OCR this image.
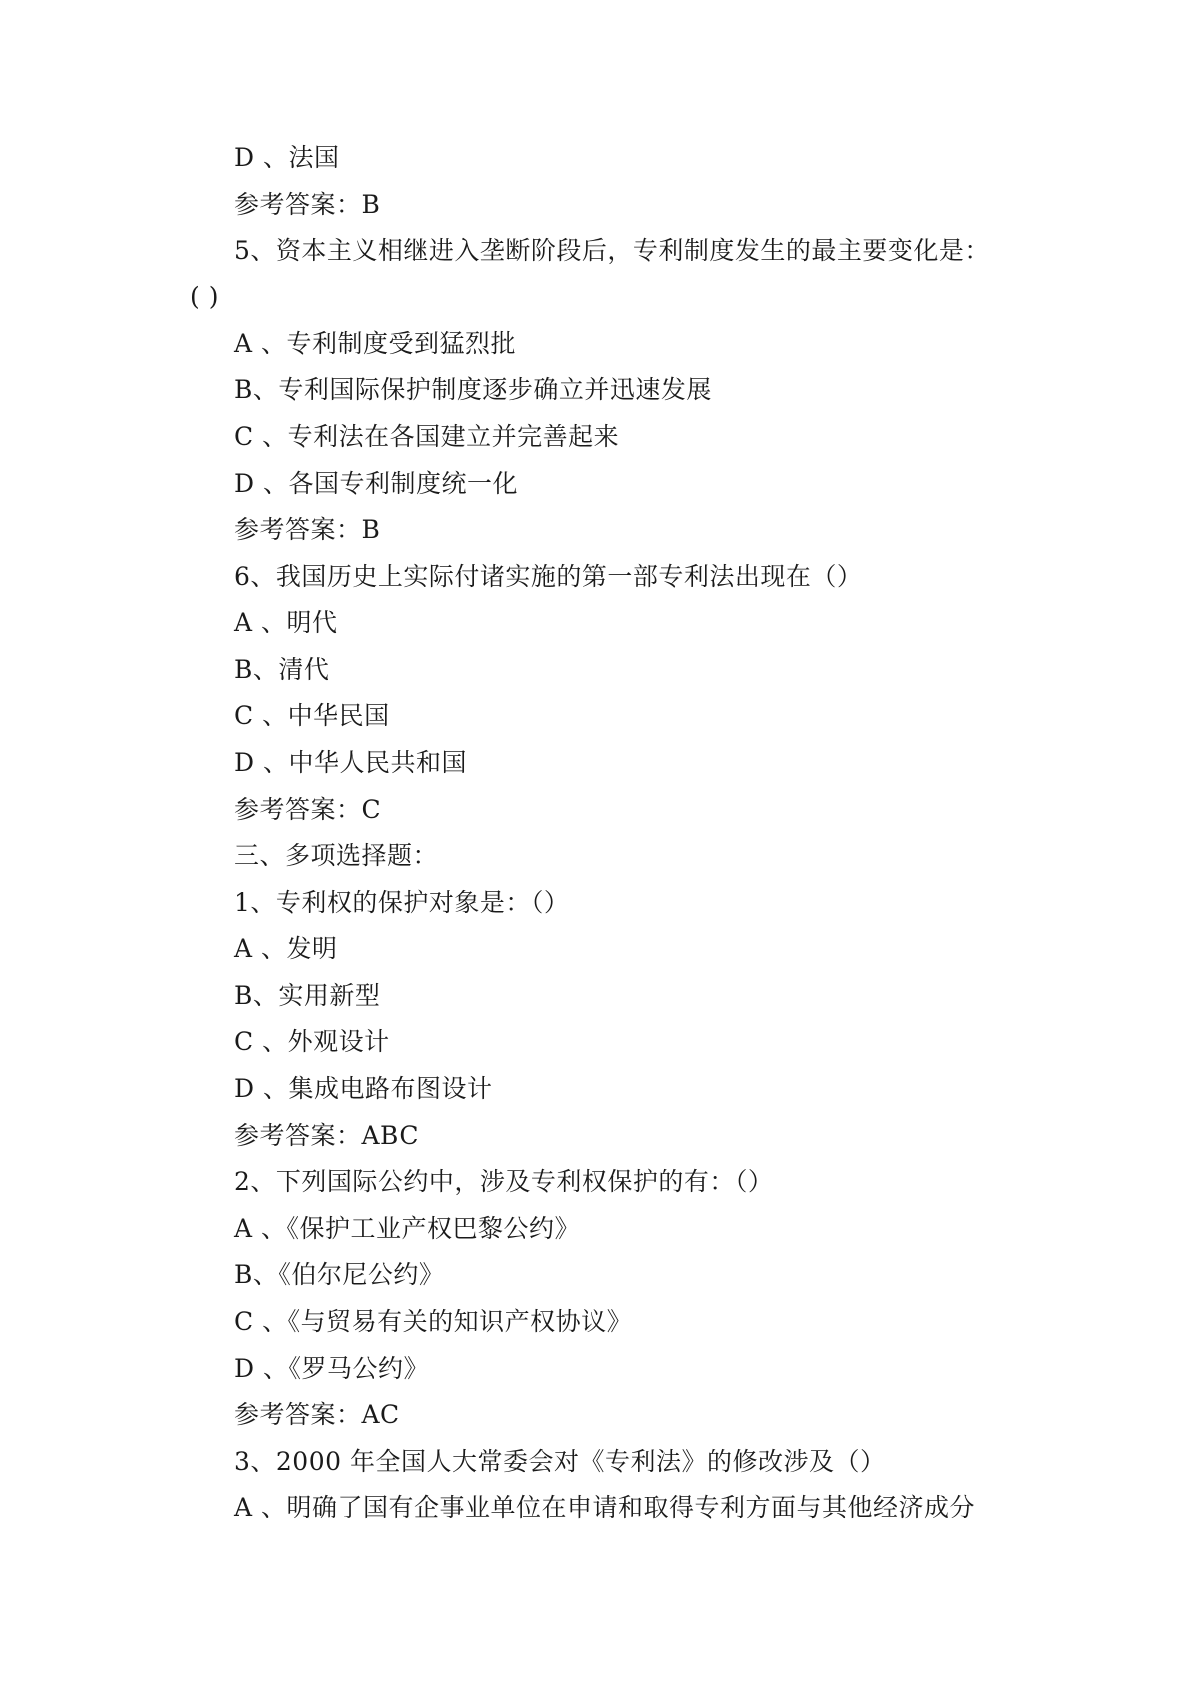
D 、法国
参考答案：B
5、资本主义相继进入垄断阶段后，专利制度发生的最主要变化是：
( )
A 、专利制度受到猛烈批
B、专利国际保护制度逐步确立并迅速发展
C 、专利法在各国建立并完善起来
D 、各国专利制度统一化
参考答案：B
6、我国历史上实际付诸实施的第一部专利法出现在（）
A 、明代
B、清代
C 、中华民国
D 、中华人民共和国
参考答案：C
三、多项选择题：
1、专利权的保护对象是：（）
A 、发明
B、实用新型
C 、外观设计
D 、集成电路布图设计
参考答案：ABC
2、下列国际公约中，涉及专利权保护的有：（）
A 、《保护工业产权巴黎公约》
B、《伯尔尼公约》
C 、《与贸易有关的知识产权协议》
D 、《罗马公约》
参考答案：AC
3、2000 年全国人大常委会对《专利法》的修改涉及（）
A 、明确了国有企事业单位在申请和取得专利方面与其他经济成分
